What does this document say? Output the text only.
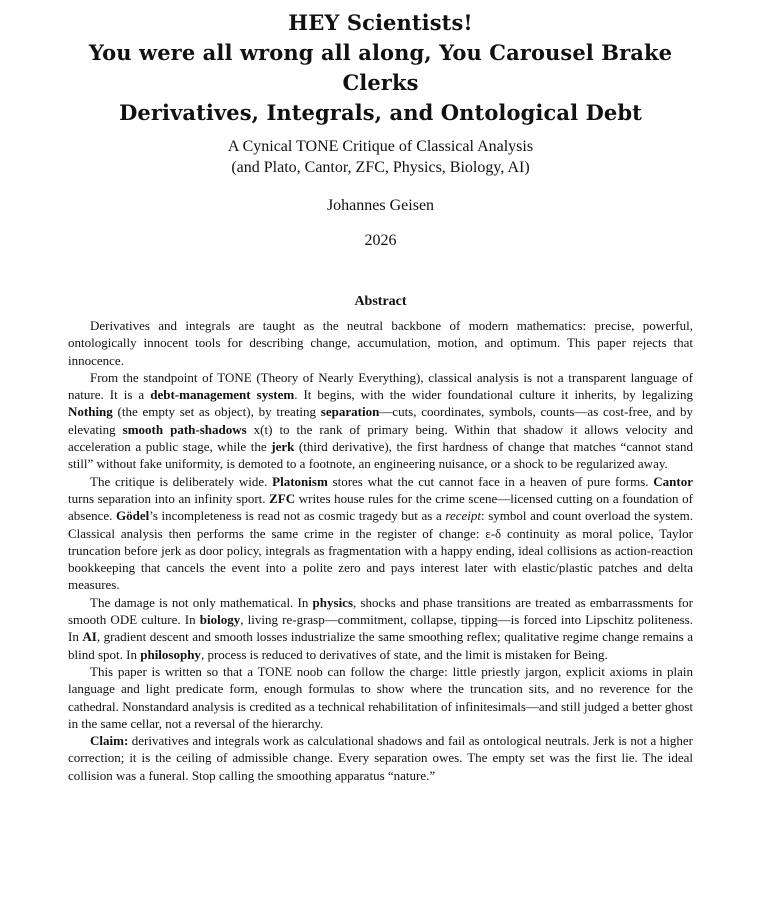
HEY Scientists!

You were all wrong all along, You Carousel Brake Clerks

Derivatives, Integrals, and Ontological Debt

A Cynical TONE Critique of Classical Analysis

(and Plato, Cantor, ZFC, Physics, Biology, AI)

Johannes Geisen
2026
Abstract

Derivatives and integrals are taught as the neutral backbone of modern mathematics: precise, powerful, ontologically innocent tools for describing change, accumulation, motion, and optimum. This paper rejects that innocence.

From the standpoint of TONE (Theory of Nearly Everything), classical analysis is not a transparent language of nature. It is a debt-management system. It begins, with the wider foundational culture it inherits, by legalizing Nothing (the empty set as object), by treating separation—cuts, coordinates, symbols, counts—as cost-free, and by elevating smooth path-shadows x(t) to the rank of primary being. Within that shadow it allows velocity and acceleration a public stage, while the jerk (third derivative), the first hardness of change that matches “cannot stand still” without fake uniformity, is demoted to a footnote, an engineering nuisance, or a shock to be regularized away.

The critique is deliberately wide. Platonism stores what the cut cannot face in a heaven of pure forms. Cantor turns separation into an infinity sport. ZFC writes house rules for the crime scene—licensed cutting on a foundation of absence. Gödel’s incompleteness is read not as cosmic tragedy but as a receipt: symbol and count overload the system. Classical analysis then performs the same crime in the register of change: ε-δ continuity as moral police, Taylor truncation before jerk as door policy, integrals as fragmentation with a happy ending, ideal collisions as action-reaction bookkeeping that cancels the event into a polite zero and pays interest later with elastic/plastic patches and delta measures.

The damage is not only mathematical. In physics, shocks and phase transitions are treated as embarrassments for smooth ODE culture. In biology, living re-grasp—commitment, collapse, tipping—is forced into Lipschitz politeness. In AI, gradient descent and smooth losses industrialize the same smoothing reflex; qualitative regime change remains a blind spot. In philosophy, process is reduced to derivatives of state, and the limit is mistaken for Being.

This paper is written so that a TONE noob can follow the charge: little priestly jargon, explicit axioms in plain language and light predicate form, enough formulas to show where the truncation sits, and no reverence for the cathedral. Nonstandard analysis is credited as a technical rehabilitation of infinitesimals—and still judged a better ghost in the same cellar, not a reversal of the hierarchy.

Claim: derivatives and integrals work as calculational shadows and fail as ontological neutrals. Jerk is not a higher correction; it is the ceiling of admissible change. Every separation owes. The empty set was the first lie. The ideal collision was a funeral. Stop calling the smoothing apparatus “nature.”
